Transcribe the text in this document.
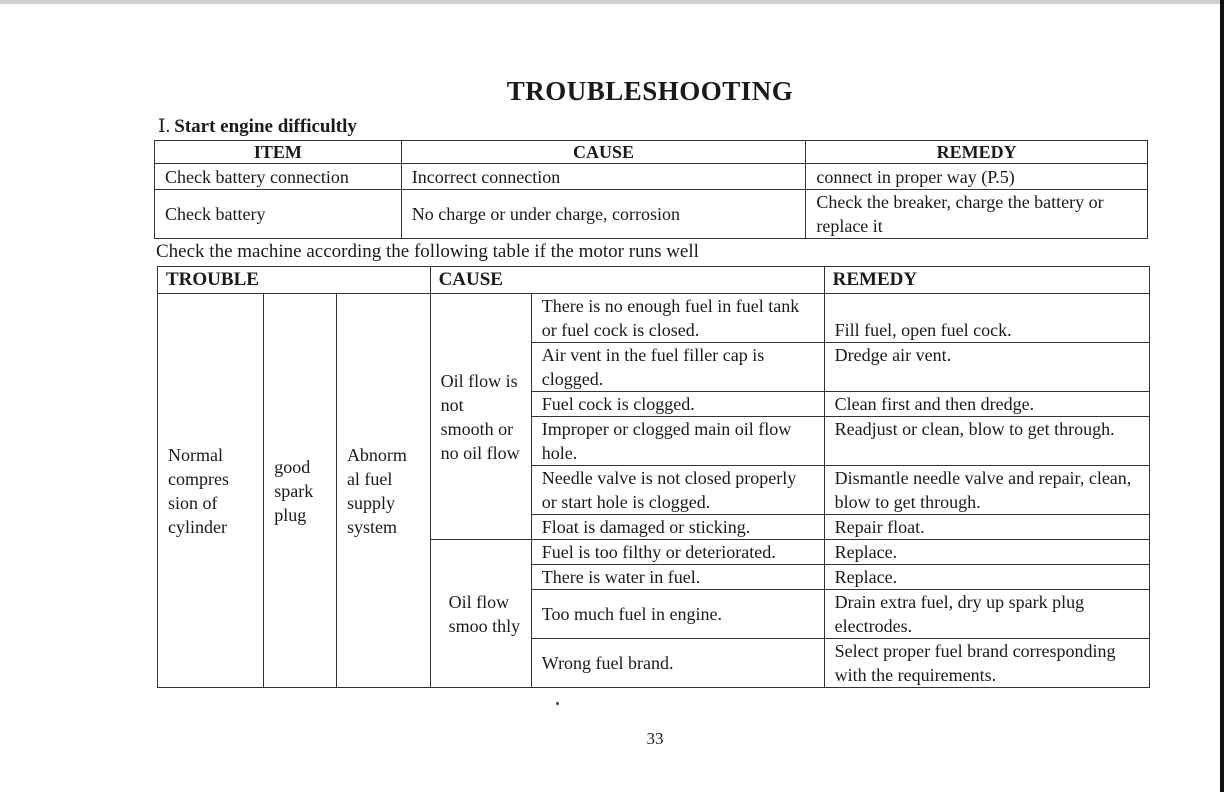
TROUBLESHOOTING
Ⅰ. Start engine difficultly
ITEM	CAUSE	REMEDY
Check battery connection	Incorrect connection	connect in proper way (P.5)
Check battery	No charge or under charge, corrosion	Check the breaker, charge the battery or replace it
Check the machine according the following table if the motor runs well
TROUBLE			CAUSE		REMEDY
Normal compres sion of cylinder	good spark plug	Abnorm al fuel supply system	Oil flow is not smooth or no oil flow	There is no enough fuel in fuel tank or fuel cock is closed.	Fill fuel, open fuel cock.
				Air vent in the fuel filler cap is clogged.	Dredge air vent.
				Fuel cock is clogged.	Clean first and then dredge.
				Improper or clogged main oil flow hole.	Readjust or clean, blow to get through.
				Needle valve is not closed properly or start hole is clogged.	Dismantle needle valve and repair, clean, blow to get through.
				Float is damaged or sticking.	Repair float.
			Oil flow smoo thly	Fuel is too filthy or deteriorated.	Replace.
				There is water in fuel.	Replace.
				Too much fuel in engine.	Drain extra fuel, dry up spark plug electrodes.
				Wrong fuel brand.	Select proper fuel brand corresponding with the requirements.
33
